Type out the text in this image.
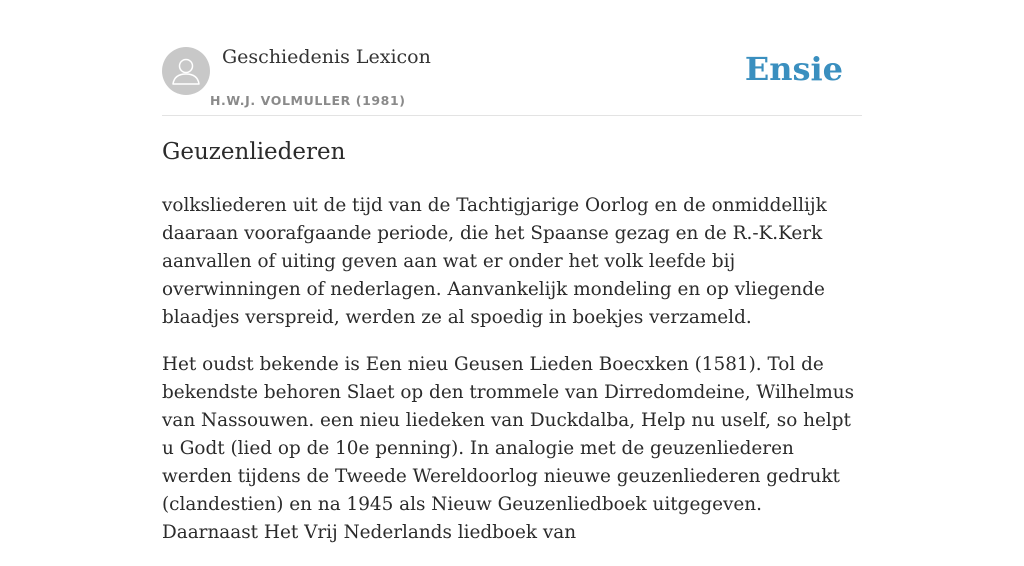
Geschiedenis Lexicon
H.W.J. VOLMULLER (1981)
Ensie
Geuzenliederen

volksliederen uit de tijd van de Tachtigjarige Oorlog en de onmiddellijk daaraan voorafgaande periode, die het Spaanse gezag en de R.-K.Kerk aanvallen of uiting geven aan wat er onder het volk leefde bij overwinningen of nederlagen. Aanvankelijk mondeling en op vliegende blaadjes verspreid, werden ze al spoedig in boekjes verzameld.

Het oudst bekende is Een nieu Geusen Lieden Boecxken (1581). Tol de bekendste behoren Slaet op den trommele van Dirredomdeine, Wilhelmus van Nassouwen. een nieu liedeken van Duckdalba, Help nu uself, so helpt u Godt (lied op de 10e penning). In analogie met de geuzenliederen werden tijdens de Tweede Wereldoorlog nieuwe geuzenliederen gedrukt (clandestien) en na 1945 als Nieuw Geuzenliedboek uitgegeven. Daarnaast Het Vrij Nederlands liedboek van
